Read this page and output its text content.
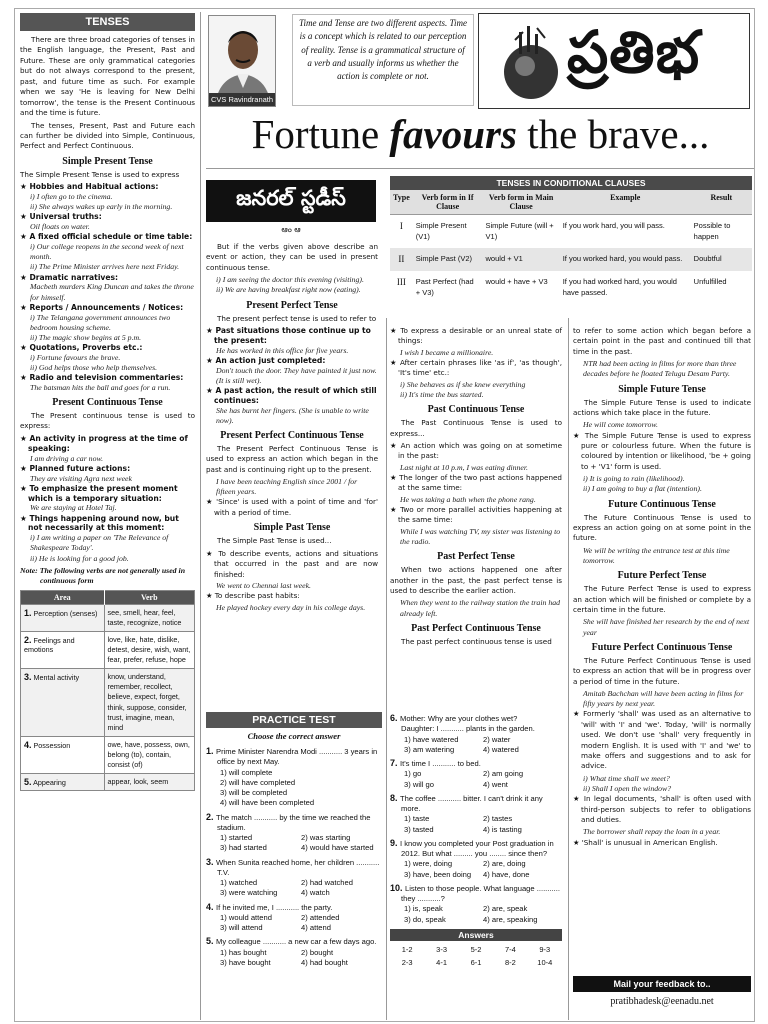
TENSES

There are three broad categories of tenses in the English language, the Present, Past and Future. These are only grammatical categories but do not always correspond to the present, past, and future time as such. For example when we say 'He is leaving for New Delhi tomorrow', the tense is the Present Continuous and the time is future.

The tenses, Present, Past and Future each can further be divided into Simple, Continuous, Perfect and Perfect Continuous.

Simple Present Tense

The Simple Present Tense is used to express

★ Hobbies and Habitual actions:
i) I often go to the cinema.
ii) She always wakes up early in the morning.
★ Universal truths:
Oil floats on water.
★ A fixed official schedule or time table:
i) Our college reopens in the second week of next month.
ii) The Prime Minister arrives here next Friday.
★ Dramatic narratives:
Macbeth murders King Duncan and takes the throne for himself.
★ Reports / Announcements / Notices:
i) The Telangana government announces two bedroom housing scheme.
ii) The magic show begins at 5 p.m.
★ Quotations, Proverbs etc.:
i) Fortune favours the brave.
ii) God helps those who help themselves.
★ Radio and television commentaries:
The batsman hits the ball and goes for a run.
Present Continuous Tense

The Present continuous tense is used to express:

★ An activity in progress at the time of speaking:
I am driving a car now.
★ Planned future actions:
They are visiting Agra next week
★ To emphasize the present moment which is a temporary situation:
We are staying at Hotel Taj.
★ Things happening around now, but not necessarily at this moment:
i) I am writing a paper on 'The Relevance of Shakespeare Today'.
ii) He is looking for a good job.
Note: The following verbs are not generally used in continuous form
Area	Verb
1. Perception (senses)	see, smell, hear, feel, taste, recognize, notice
2. Feelings and emotions	love, like, hate, dislike, detest, desire, wish, want, fear, prefer, refuse, hope
3. Mental activity	know, understand, remember, recollect, believe, expect, forget, think, suppose, consider, trust, imagine, mean, mind
4. Possession	owe, have, possess, own, belong (to), contain, consist (of)
5. Appearing	appear, look, seem
CVS Ravindranath
Time and Tense are two different aspects. Time is a concept which is related to our perception of reality. Tense is a grammatical structure of a verb and usually informs us whether the action is complete or not.	ప్రతిభ
Fortune favours the brave...
జనరల్ స్టడీస్
ఆం ఆ

But if the verbs given above describe an event or action, they can be used in present continuous tense.

i) I am seeing the doctor this evening (visiting).
ii) We are having breakfast right now (eating).
Present Perfect Tense

The present perfect tense is used to refer to

★ Past situations those continue up to the present:
He has worked in this office for five years.
★ An action just completed:
Don't touch the door. They have painted it just now. (It is still wet).
★ A past action, the result of which still continues:
She has burnt her fingers. (She is unable to write now).
Present Perfect Continuous Tense

The Present Perfect Continuous Tense is used to express an action which began in the past and is continuing right up to the present.

I have been teaching English since 2001 / for fifteen years.
★ 'Since' is used with a point of time and 'for' with a period of time.
Simple Past Tense

The Simple Past Tense is used...

★ To describe events, actions and situations that occurred in the past and are now finished:
We went to Chennai last week.
★ To describe past habits:
He played hockey every day in his college days.
TENSES IN CONDITIONAL CLAUSES
Type	Verb form in If Clause	Verb form in Main Clause	Example	Result
I	Simple Present (V1)	Simple Future (will + V1)	If you work hard, you will pass.	Possible to happen
II	Simple Past (V2)	would + V1	If you worked hard, you would pass.	Doubtful
III	Past Perfect (had + V3)	would + have + V3	If you had worked hard, you would have passed.	Unfulfilled
★ To express a desirable or an unreal state of things:
I wish I became a millionaire.
★ After certain phrases like 'as if', 'as though', 'It's time' etc.:
i) She behaves as if she knew everything
ii) It's time the bus started.
Past Continuous Tense

The Past Continuous Tense is used to express...

★ An action which was going on at sometime in the past:
Last night at 10 p.m, I was eating dinner.
★ The longer of the two past actions happened at the same time:
He was taking a bath when the phone rang.
★ Two or more parallel activities happening at the same time:
While I was watching TV, my sister was listening to the radio.
Past Perfect Tense

When two actions happened one after another in the past, the past perfect tense is used to describe the earlier action.

When they went to the railway station the train had already left.
Past Perfect Continuous Tense

The past perfect continuous tense is used

to refer to some action which began before a certain point in the past and continued till that time in the past.

NTR had been acting in films for more than three decades before he floated Telugu Desam Party.
Simple Future Tense

The Simple Future Tense is used to indicate actions which take place in the future.

He will come tomorrow.
★ The Simple Future Tense is used to express pure or colourless future. When the future is coloured by intention or likelihood, 'be + going to + 'V1' form is used.
i) It is going to rain (likelihood).
ii) I am going to buy a flat (intention).
Future Continuous Tense

The Future Continuous Tense is used to express an action going on at some point in the future.

We will be writing the entrance test at this time tomorrow.
Future Perfect Tense

The Future Perfect Tense is used to express an action which will be finished or complete by a certain time in the future.

She will have finished her research by the end of next year
Future Perfect Continuous Tense

The Future Perfect Continuous Tense is used to express an action that will be in progress over a period of time in the future.

Amitab Bachchan will have been acting in films for fifty years by next year.
★ Formerly 'shall' was used as an alternative to 'will' with 'I' and 'we'. Today, 'will' is normally used. We don't use 'shall' very frequently in modern English. It is used with 'I' and 'we' to make offers and suggestions and to ask for advice.
i) What time shall we meet?
ii) Shall I open the window?
★ In legal documents, 'shall' is often used with third-person subjects to refer to obligations and duties.
The borrower shall repay the loan in a year.
★ 'Shall' is unusual in American English.
Mail your feedback to..
pratibhadesk@eenadu.net
PRACTICE TEST
Choose the correct answer
1. Prime Minister Narendra Modi ........... 3 years in office by next May.
1) will complete
2) will have completed
3) will be completed
4) will have been completed
2. The match ........... by the time we reached the stadium.
1) started	2) was starting
3) had started	4) would have started
3. When Sunita reached home, her children ........... T.V.
1) watched	2) had watched
3) were watching	4) watch
4. If he invited me, I ........... the party.
1) would attend	2) attended
3) will attend	4) attend
5. My colleague ........... a new car a few days ago.
1) has bought	2) bought
3) have bought	4) had bought
6. Mother: Why are your clothes wet?
Daughter: I ........... plants in the garden.
1) have watered	2) water
3) am watering	4) watered
7. It's time I ........... to bed.
1) go	2) am going
3) will go	4) went
8. The coffee ........... bitter. I can't drink it any more.
1) taste	2) tastes
3) tasted	4) is tasting
9. I know you completed your Post graduation in 2012. But what ......... you ........ since then?
1) were, doing	2) are, doing
3) have, been doing	4) have, done
10. Listen to those people. What language ........... they ...........?
1) is, speak	2) are, speak
3) do, speak	4) are, speaking
Answers
1-2	3-3	5-2	7-4	9-3
2-3	4-1	6-1	8-2	10-4
